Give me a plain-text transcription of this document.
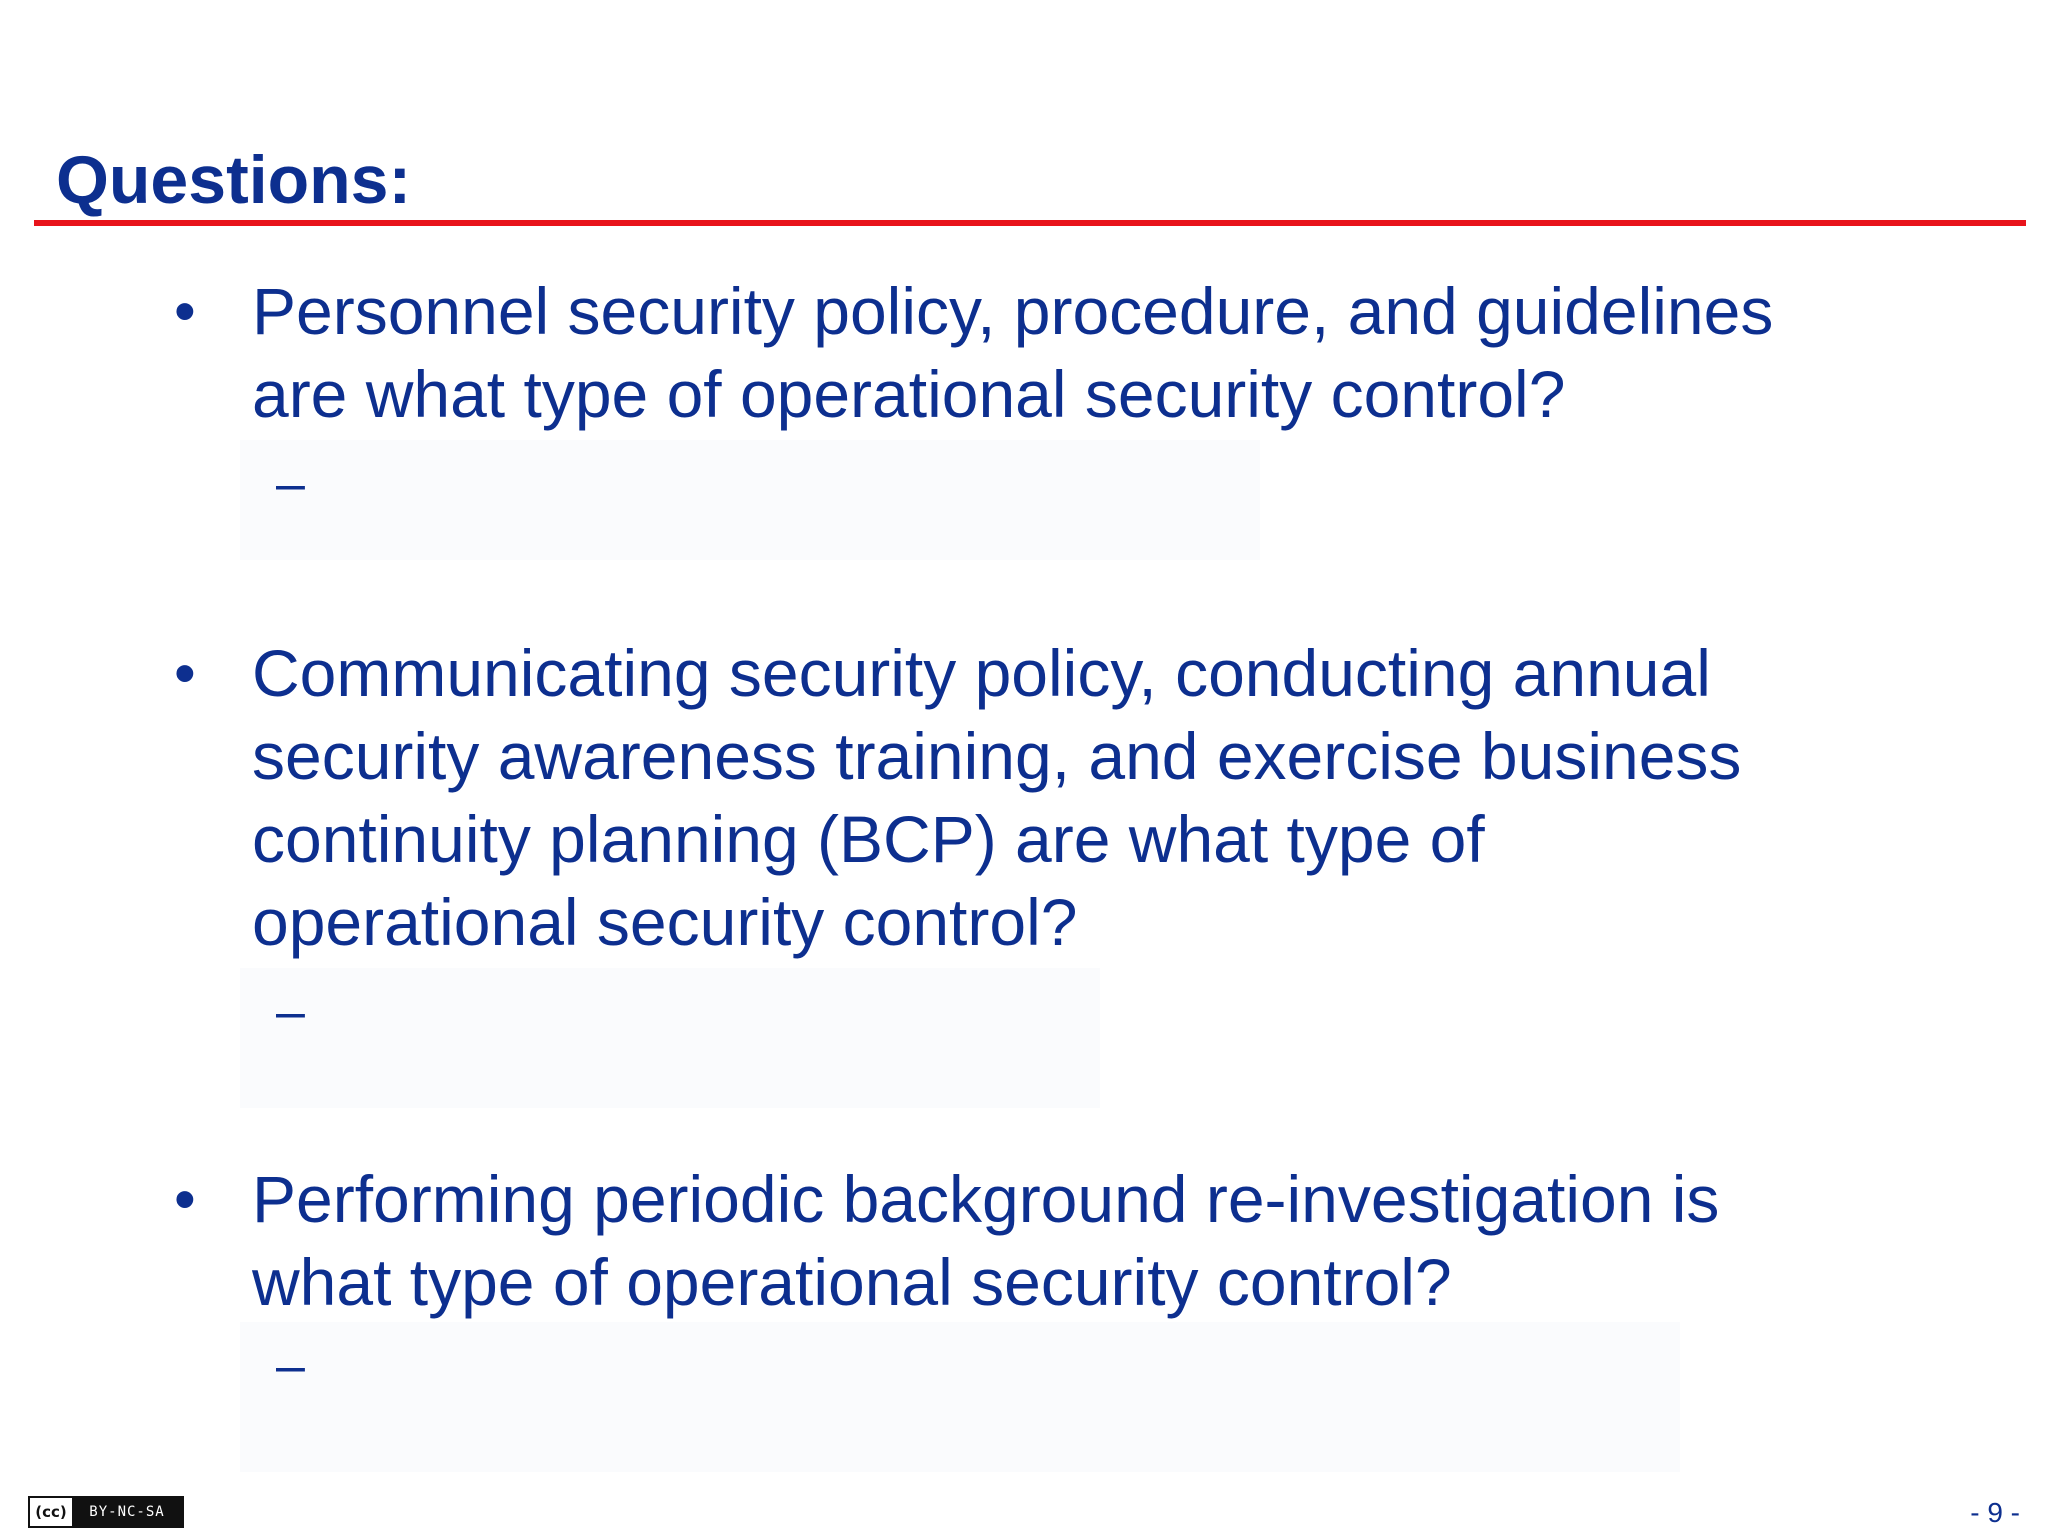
Questions:
• Personnel security policy, procedure, and guidelines
are what type of operational security control?

–
• Communicating security policy, conducting annual
security awareness training, and exercise business
continuity planning (BCP) are what type of
operational security control?

–
• Performing periodic background re-investigation is
what type of operational security control?

–
(cc)	BY-NC-SA	- 9 -
